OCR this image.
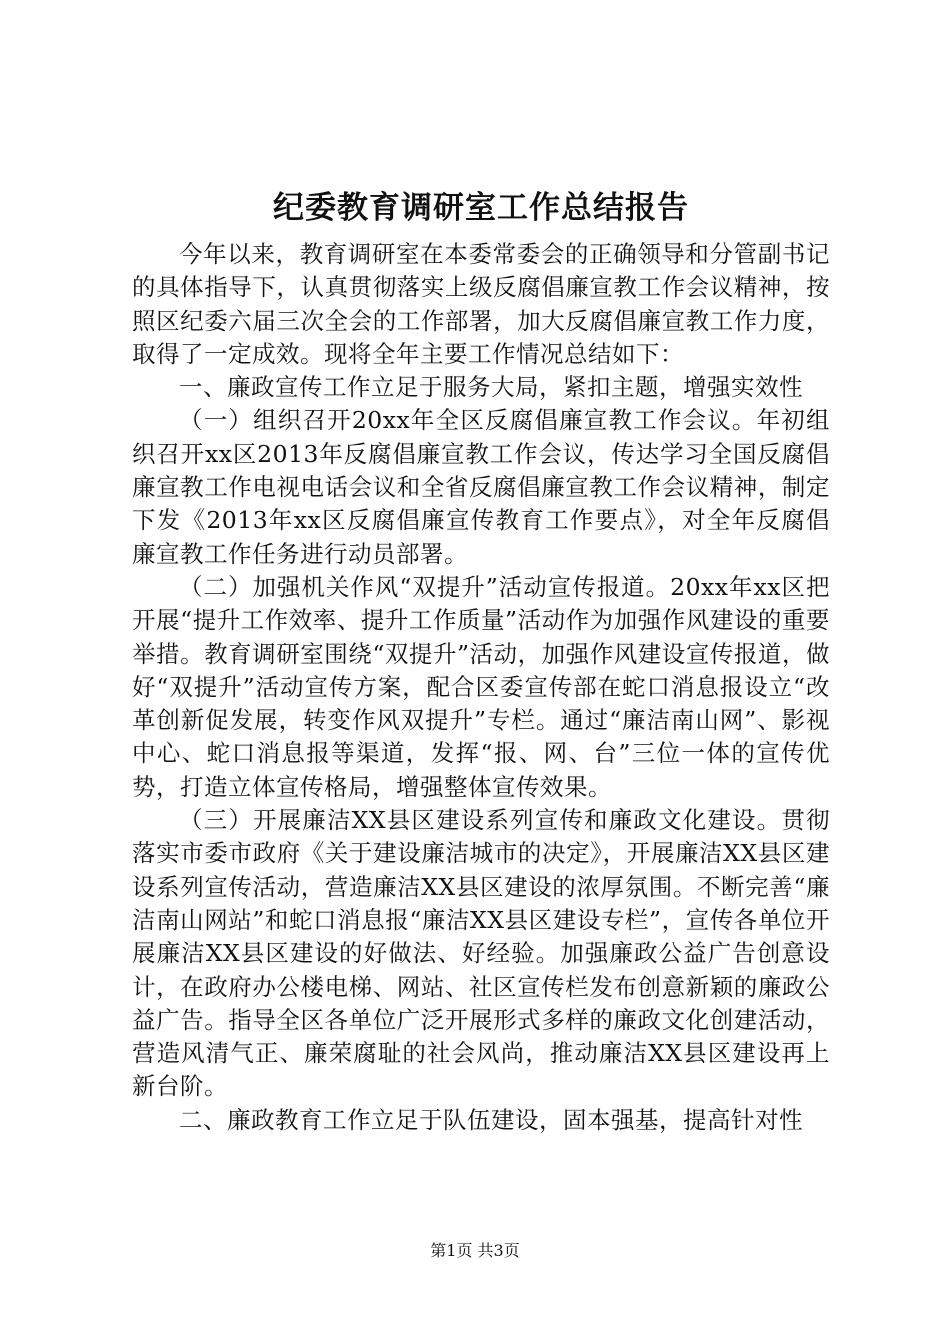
纪委教育调研室工作总结报告

今年以来，教育调研室在本委常委会的正确领导和分管副书记的具体指导下，认真贯彻落实上级反腐倡廉宣教工作会议精神，按照区纪委六届三次全会的工作部署，加大反腐倡廉宣教工作力度，取得了一定成效。现将全年主要工作情况总结如下：

一、廉政宣传工作立足于服务大局，紧扣主题，增强实效性

（一）组织召开20xx年全区反腐倡廉宣教工作会议。年初组织召开xx区2013年反腐倡廉宣教工作会议，传达学习全国反腐倡廉宣教工作电视电话会议和全省反腐倡廉宣教工作会议精神，制定下发《2013年xx区反腐倡廉宣传教育工作要点》，对全年反腐倡廉宣教工作任务进行动员部署。

（二）加强机关作风“双提升”活动宣传报道。20xx年xx区把开展“提升工作效率、提升工作质量”活动作为加强作风建设的重要举措。教育调研室围绕“双提升”活动，加强作风建设宣传报道，做好“双提升”活动宣传方案，配合区委宣传部在蛇口消息报设立“改革创新促发展，转变作风双提升”专栏。通过“廉洁南山网”、影视中心、蛇口消息报等渠道，发挥“报、网、台”三位一体的宣传优势，打造立体宣传格局，增强整体宣传效果。

（三）开展廉洁XX县区建设系列宣传和廉政文化建设。贯彻落实市委市政府《关于建设廉洁城市的决定》，开展廉洁XX县区建设系列宣传活动，营造廉洁XX县区建设的浓厚氛围。不断完善“廉洁南山网站”和蛇口消息报“廉洁XX县区建设专栏”，宣传各单位开展廉洁XX县区建设的好做法、好经验。加强廉政公益广告创意设计，在政府办公楼电梯、网站、社区宣传栏发布创意新颖的廉政公益广告。指导全区各单位广泛开展形式多样的廉政文化创建活动，营造风清气正、廉荣腐耻的社会风尚，推动廉洁XX县区建设再上新台阶。

二、廉政教育工作立足于队伍建设，固本强基，提高针对性

第1页 共3页
